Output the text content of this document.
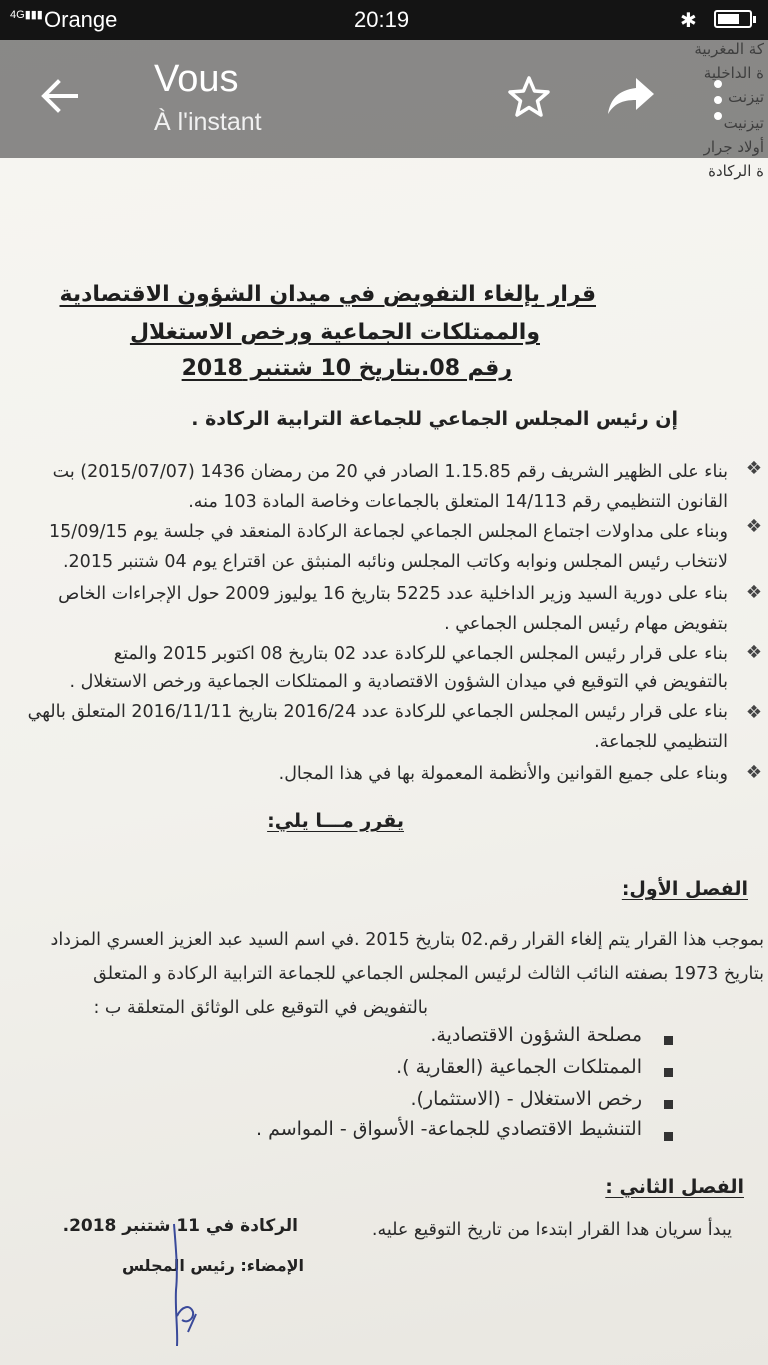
ة الركادة
قرار بإلغاء التفويض في ميدان الشؤون الاقتصادية
والممتلكات الجماعية ورخص الاستغلال
رقم 08.بتاريخ 10 شتنبر 2018
إن رئيس المجلس الجماعي للجماعة الترابية الركادة .
❖
بناء على الظهير الشريف رقم 1.15.85 الصادر في 20 من رمضان 1436 (2015/07/07) بت
القانون التنظيمي رقم 14/113 المتعلق بالجماعات وخاصة المادة 103 منه.
❖
وبناء على مداولات اجتماع المجلس الجماعي لجماعة الركادة المنعقد في جلسة يوم 15/09/15
لانتخاب رئيس المجلس ونوابه وكاتب المجلس ونائبه المنبثق عن اقتراع يوم 04 شتنبر 2015.
❖
بناء على دورية السيد وزير الداخلية عدد 5225 بتاريخ 16 يوليوز 2009 حول الإجراءات الخاص
بتفويض مهام رئيس المجلس الجماعي .
❖
بناء على قرار رئيس المجلس الجماعي للركادة عدد 02 بتاريخ 08 اكتوبر 2015 والمتع
بالتفويض في التوقيع في ميدان الشؤون الاقتصادية و الممتلكات الجماعية ورخص الاستغلال .
❖
بناء على قرار رئيس المجلس الجماعي للركادة عدد 2016/24 بتاريخ 2016/11/11 المتعلق بالهي
التنظيمي للجماعة.
❖
وبناء على جميع القوانين والأنظمة المعمولة بها في هذا المجال.
يقرر مـــا يلي:
الفصل الأول:
بموجب هذا القرار يتم إلغاء القرار رقم.02 بتاريخ 2015 .في اسم السيد عبد العزيز العسري المزداد
بتاريخ 1973 بصفته النائب الثالث لرئيس المجلس الجماعي للجماعة الترابية الركادة و المتعلق
بالتفويض في التوقيع على الوثائق المتعلقة ب :
مصلحة الشؤون الاقتصادية.
الممتلكات الجماعية (العقارية ).
رخص الاستغلال - (الاستثمار).
التنشيط الاقتصادي للجماعة- الأسواق - المواسم .
الفصل الثاني :
يبدأ سريان هدا القرار ابتدءا من تاريخ التوقيع عليه.
الركادة في 11 شتنبر 2018.
الإمضاء: رئيس المجلس
4G▮▮▮ Orange	20:19	✱
Vous
À l'instant
